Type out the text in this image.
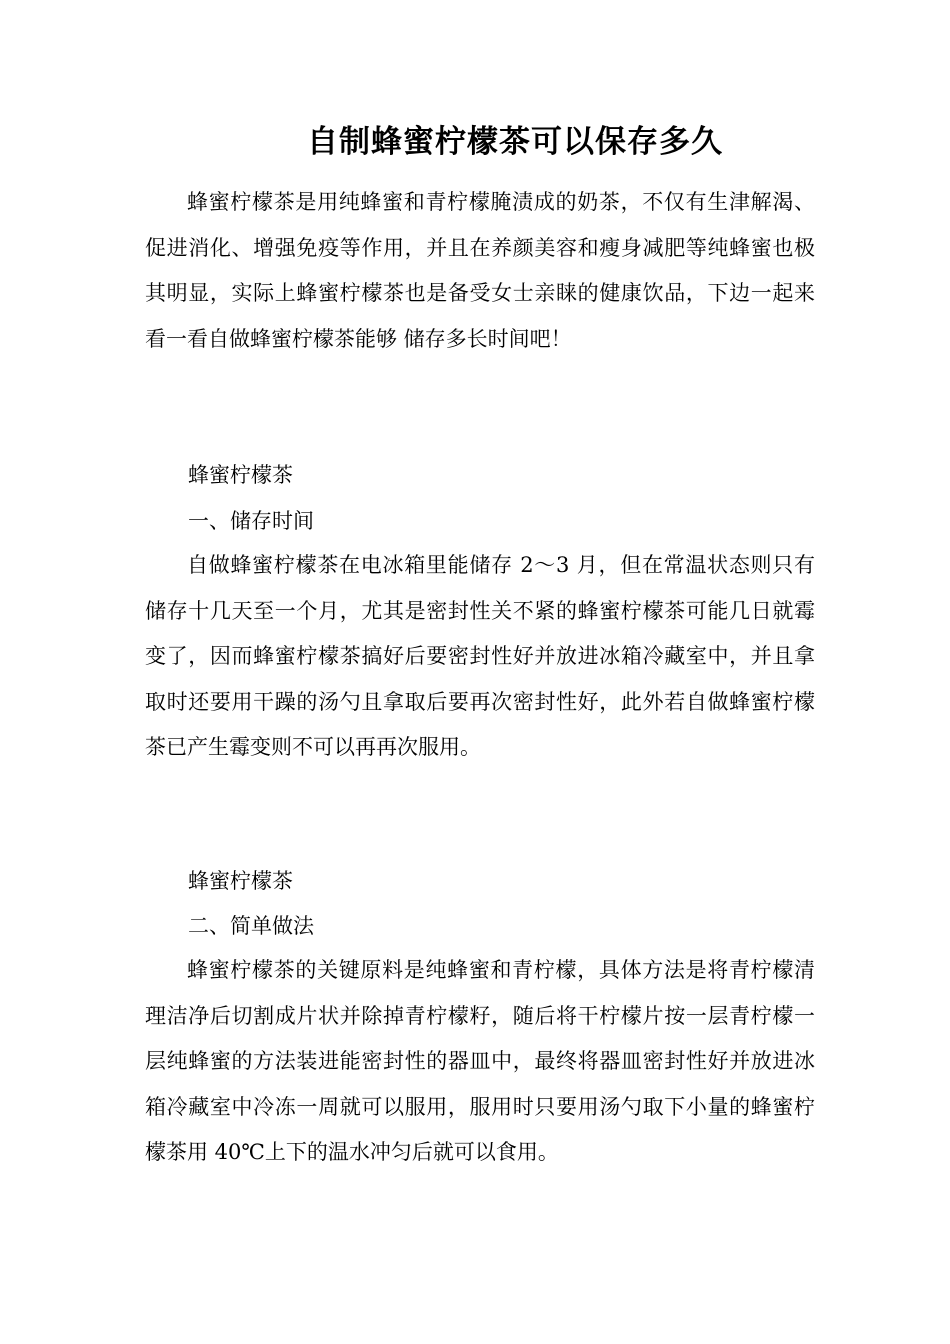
自制蜂蜜柠檬茶可以保存多久

蜂蜜柠檬茶是用纯蜂蜜和青柠檬腌渍成的奶茶，不仅有生津解渴、促进消化、增强免疫等作用，并且在养颜美容和瘦身减肥等纯蜂蜜也极其明显，实际上蜂蜜柠檬茶也是备受女士亲睐的健康饮品，下边一起来看一看自做蜂蜜柠檬茶能够 储存多长时间吧！

蜂蜜柠檬茶

一、储存时间

自做蜂蜜柠檬茶在电冰箱里能储存 2～3 月，但在常温状态则只有储存十几天至一个月，尤其是密封性关不紧的蜂蜜柠檬茶可能几日就霉变了，因而蜂蜜柠檬茶搞好后要密封性好并放进冰箱冷藏室中，并且拿取时还要用干躁的汤勺且拿取后要再次密封性好，此外若自做蜂蜜柠檬茶已产生霉变则不可以再再次服用。

蜂蜜柠檬茶

二、简单做法

蜂蜜柠檬茶的关键原料是纯蜂蜜和青柠檬，具体方法是将青柠檬清理洁净后切割成片状并除掉青柠檬籽，随后将干柠檬片按一层青柠檬一层纯蜂蜜的方法装进能密封性的器皿中，最终将器皿密封性好并放进冰箱冷藏室中冷冻一周就可以服用，服用时只要用汤勺取下小量的蜂蜜柠檬茶用 40℃上下的温水冲匀后就可以食用。
